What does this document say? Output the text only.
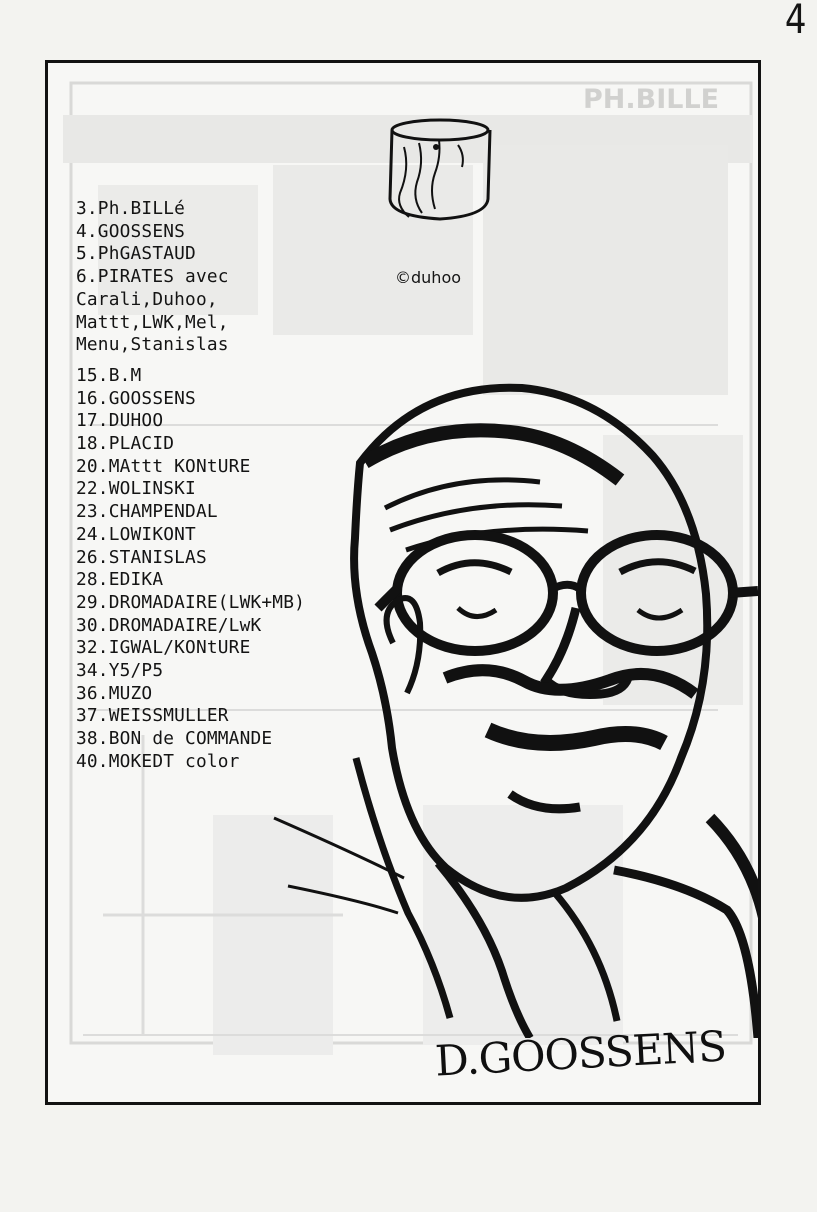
4
PH.BILLE
©duhoo
3.Ph.BILLé
4.GOOSSENS
5.PhGASTAUD
6.PIRATES avec
Carali,Duhoo,
Mattt,LWK,Mel,
Menu,Stanislas
15.B.M
16.GOOSSENS
17.DUHOO
18.PLACID
20.MAttt KONtURE
22.WOLINSKI
23.CHAMPENDAL
24.LOWIKONT
26.STANISLAS
28.EDIKA
29.DROMADAIRE(LWK+MB)
30.DROMADAIRE/LwK
32.IGWAL/KONtURE
34.Y5/P5
36.MUZO
37.WEISSMULLER
38.BON de COMMANDE
40.MOKEDT color
D.GOOSSENS
